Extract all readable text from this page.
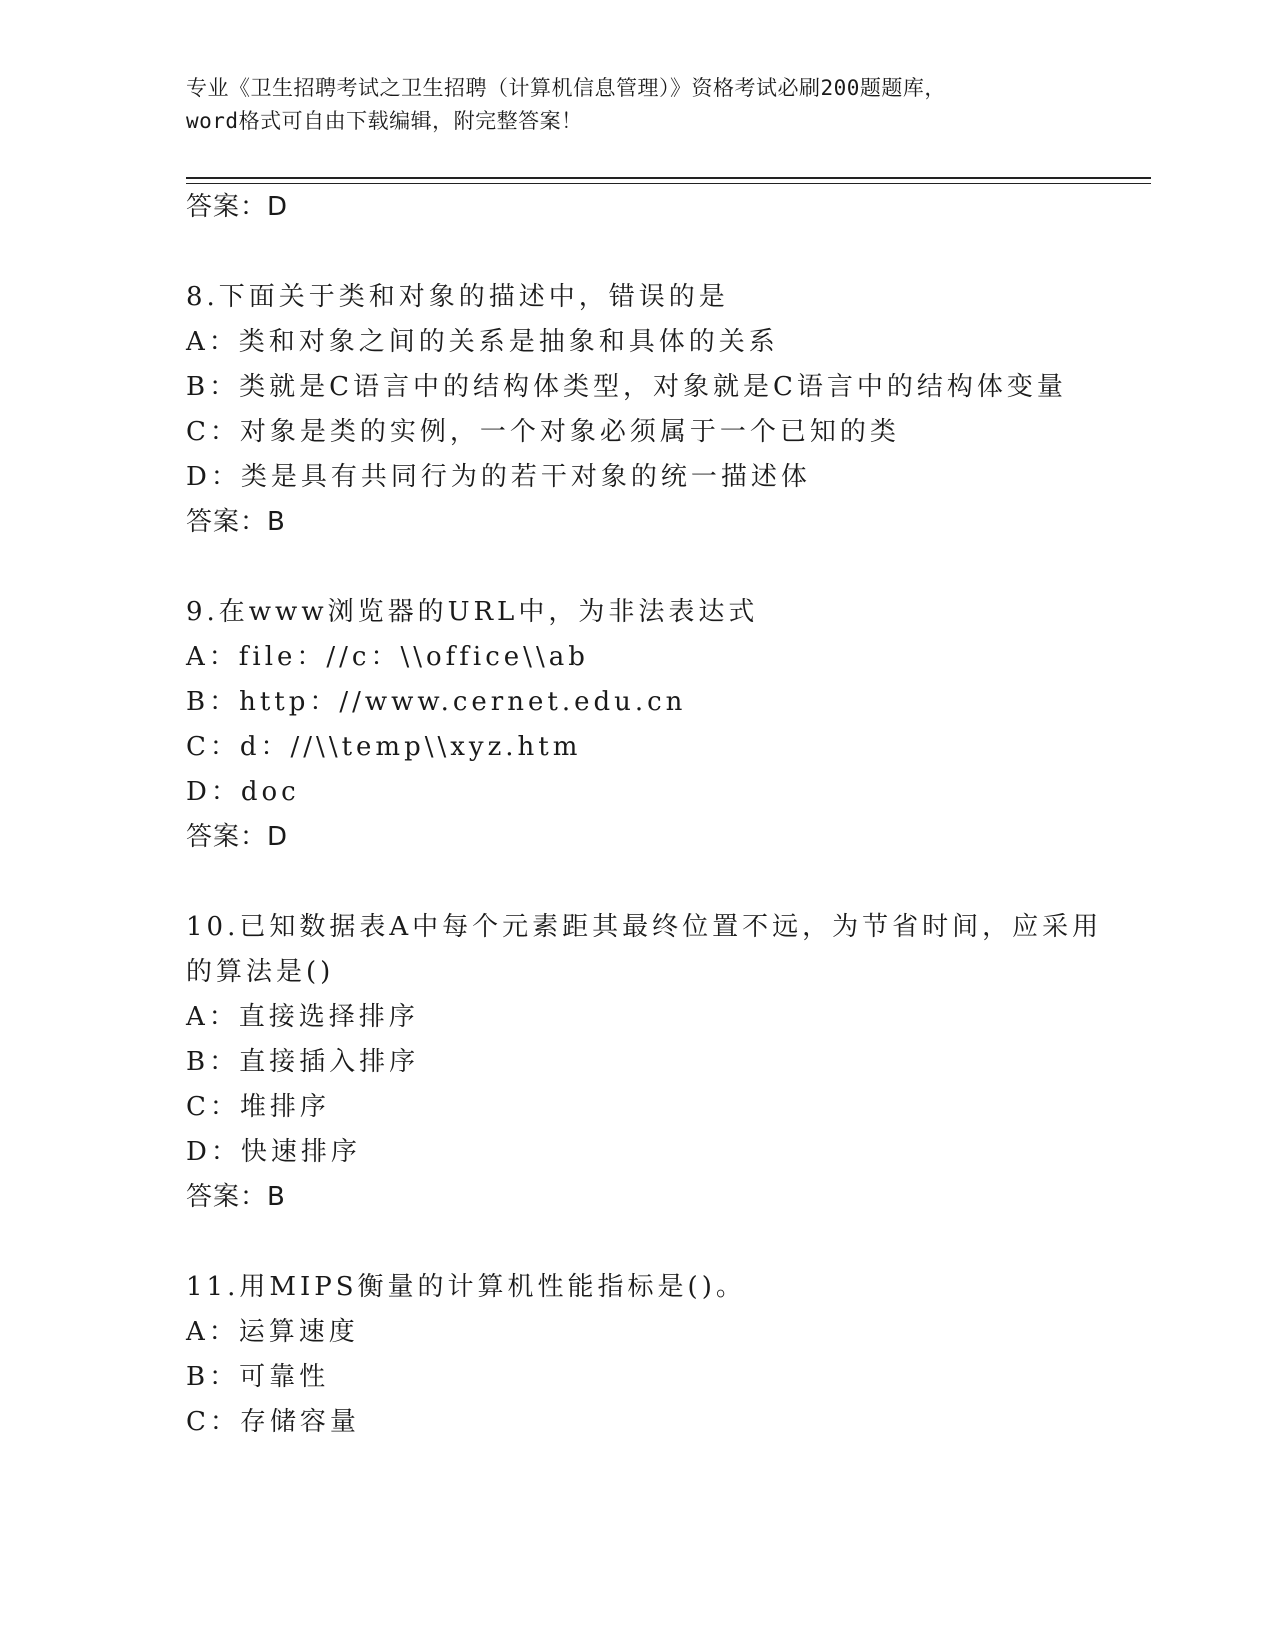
专业《卫生招聘考试之卫生招聘（计算机信息管理）》资格考试必刷200题题库，
word格式可自由下载编辑，附完整答案！
答案：D
8.下面关于类和对象的描述中，错误的是
A：类和对象之间的关系是抽象和具体的关系
B：类就是C语言中的结构体类型，对象就是C语言中的结构体变量
C：对象是类的实例，一个对象必须属于一个已知的类
D：类是具有共同行为的若干对象的统一描述体
答案：B
9.在www浏览器的URL中，为非法表达式
A：file：//c：\\office\\ab
B：http：//www.cernet.edu.cn
C：d：//\\temp\\xyz.htm
D：doc
答案：D
10.已知数据表A中每个元素距其最终位置不远，为节省时间，应采用
的算法是()
A：直接选择排序
B：直接插入排序
C：堆排序
D：快速排序
答案：B
11.用MIPS衡量的计算机性能指标是()。
A：运算速度
B：可靠性
C：存储容量
